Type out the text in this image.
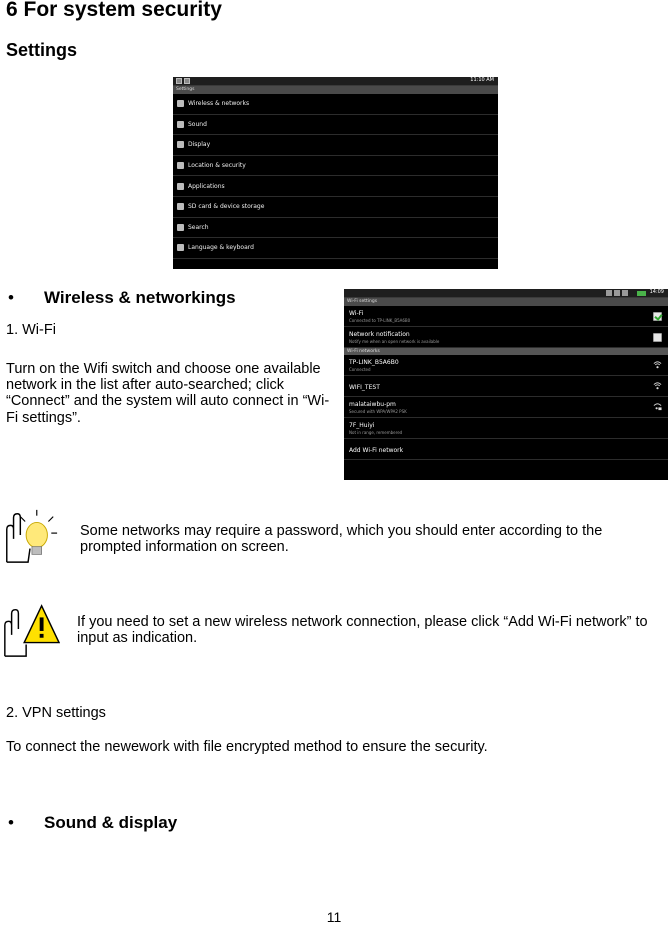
6 For system security
Settings
11:10 AM
Settings
Wireless & networks
Sound
Display
Location & security
Applications
SD card & device storage
Search
Language & keyboard
• Wireless & networkings
1. Wi-Fi
Turn on the Wifi switch and choose one available network in the list after auto-searched; click “Connect” and the system will auto connect in “Wi-Fi settings”.
14:09
Wi-Fi settings
Wi-Fi
Connected to TP-LINK_B5A6B0
Network notification
Notify me when an open network is available
Wi-Fi networks
TP-LINK_B5A6B0
Connected
WIFI_TEST
malataiwbu-pm
Secured with WPA/WPA2 PSK
7F_Huiyi
Not in range, remembered
Add Wi-Fi network
Some networks may require a password, which you should enter according to the prompted information on screen.
If you need to set a new wireless network connection, please click “Add Wi-Fi network” to input as indication.
2. VPN settings
To connect the newework with file encrypted method to ensure the security.
• Sound & display
11
